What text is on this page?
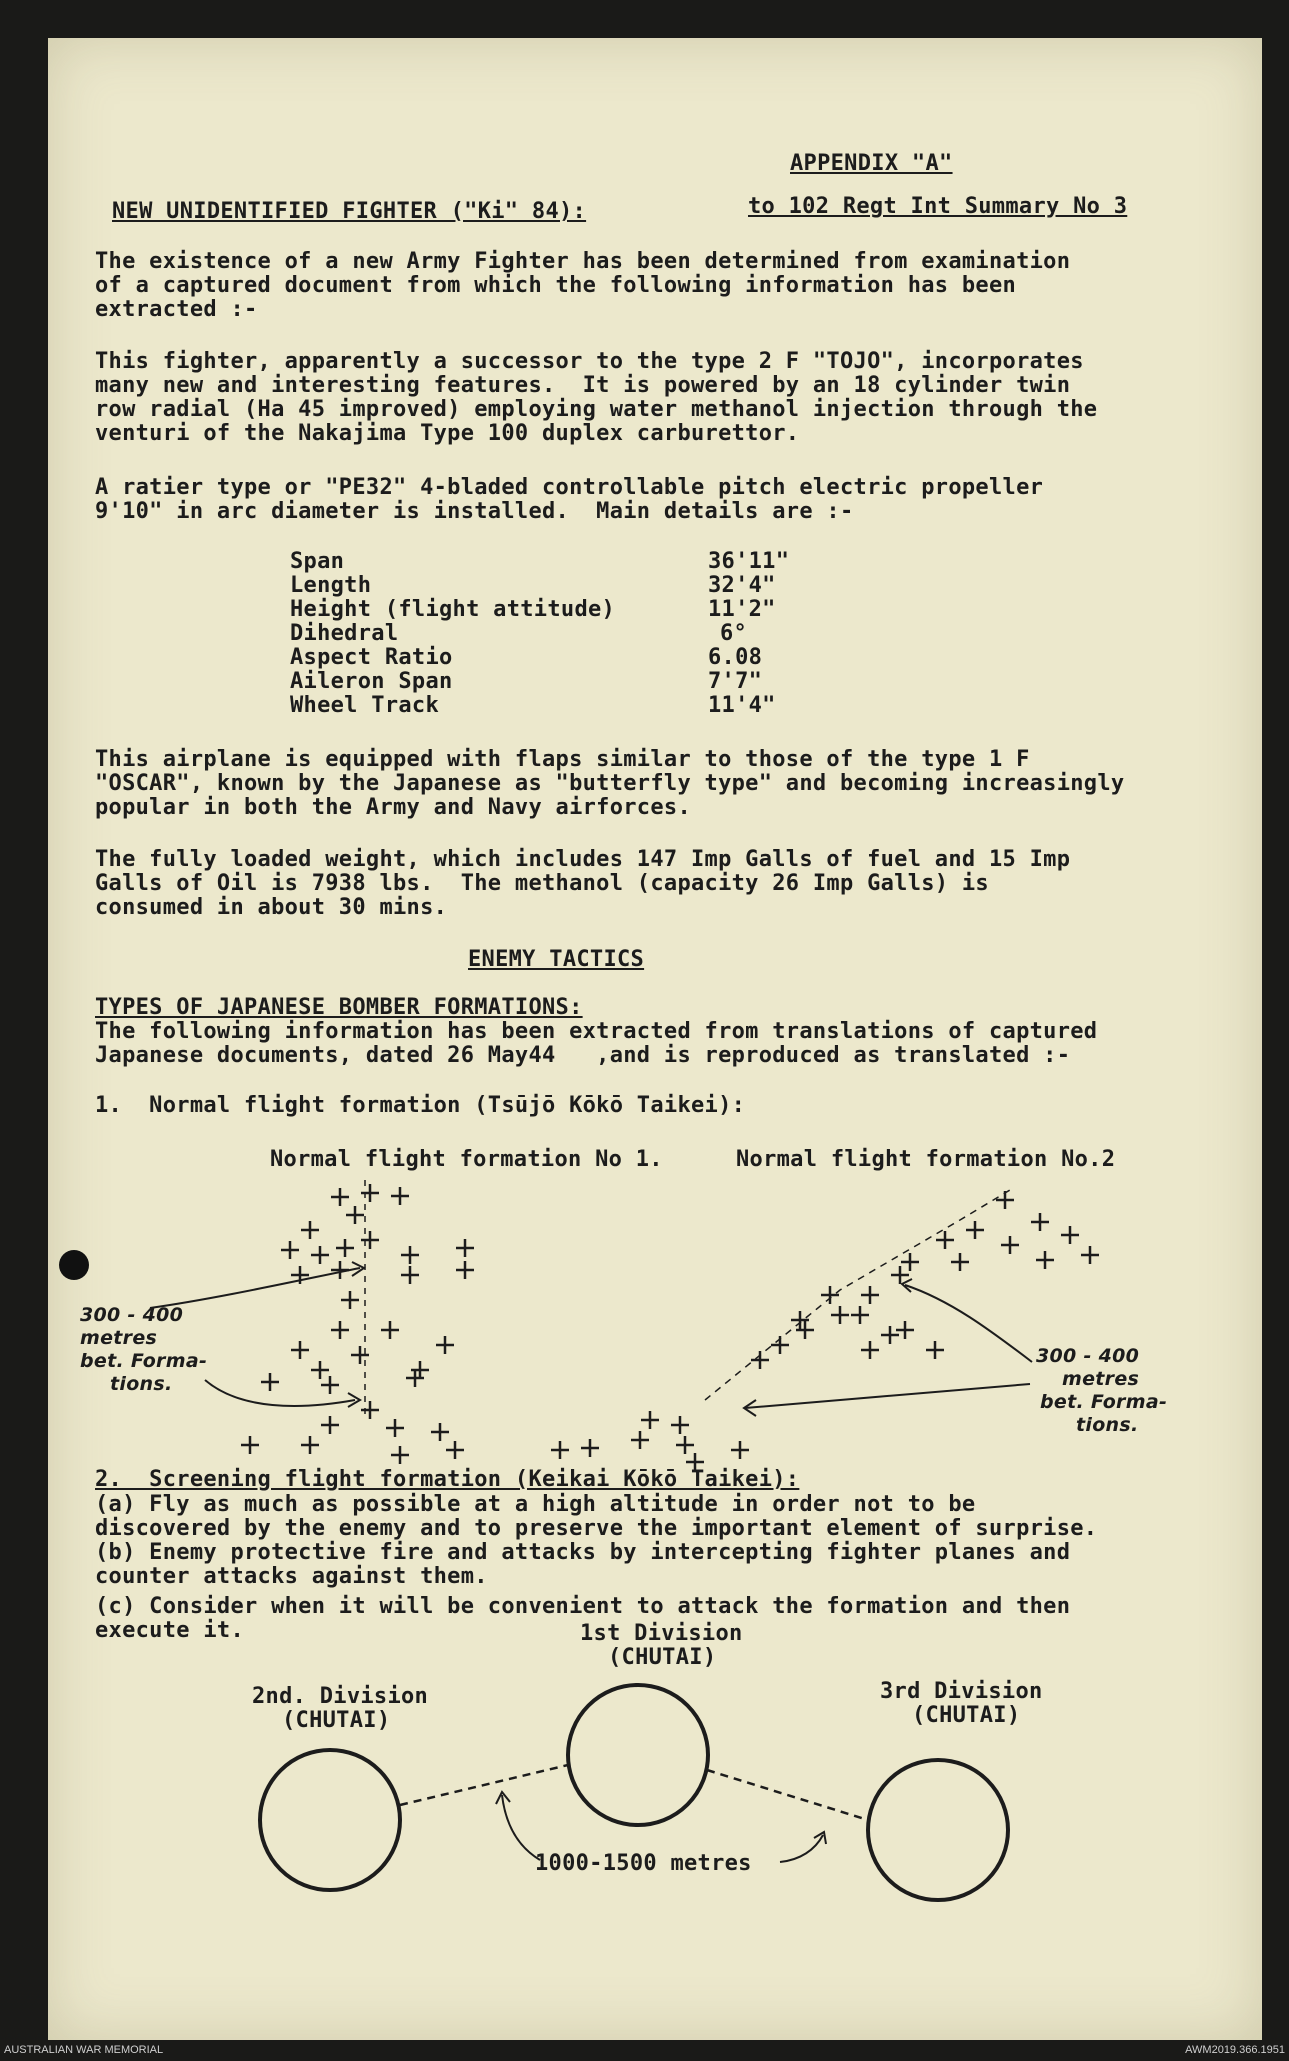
APPENDIX "A"
to 102 Regt Int Summary No 3
NEW UNIDENTIFIED FIGHTER ("Ki" 84):
The existence of a new Army Fighter has been determined from examination
of a captured document from which the following information has been
extracted :-
This fighter, apparently a successor to the type 2 F "TOJO", incorporates
many new and interesting features.  It is powered by an 18 cylinder twin
row radial (Ha 45 improved) employing water methanol injection through the
venturi of the Nakajima Type 100 duplex carburettor.
A ratier type or "PE32" 4-bladed controllable pitch electric propeller
9'10" in arc diameter is installed.  Main details are :-
Span	36'11"
Length	32'4"
Height (flight attitude)	11'2"
Dihedral	6°
Aspect Ratio	6.08
Aileron Span	7'7"
Wheel Track	11'4"
This airplane is equipped with flaps similar to those of the type 1 F
"OSCAR", known by the Japanese as "butterfly type" and becoming increasingly
popular in both the Army and Navy airforces.
The fully loaded weight, which includes 147 Imp Galls of fuel and 15 Imp
Galls of Oil is 7938 lbs.  The methanol (capacity 26 Imp Galls) is
consumed in about 30 mins.
ENEMY TACTICS
TYPES OF JAPANESE BOMBER FORMATIONS:
The following information has been extracted from translations of captured
Japanese documents, dated 26 May44   ,and is reproduced as translated :-
1.  Normal flight formation (Tsūjō Kōkō Taikei):
Normal flight formation No 1.	Normal flight formation No.2
300 - 400
metres
bet. Forma-
tions.
300 - 400
metres
bet. Forma-
tions.
2.  Screening flight formation (Keikai Kōkō Taikei):
(a) Fly as much as possible at a high altitude in order not to be
discovered by the enemy and to preserve the important element of surprise.
(b) Enemy protective fire and attacks by intercepting fighter planes and
counter attacks against them.
(c) Consider when it will be convenient to attack the formation and then
execute it.	1st Division
(CHUTAI)
2nd. Division
(CHUTAI)
3rd Division
(CHUTAI)
1000-1500 metres
AUSTRALIAN WAR MEMORIAL	AWM2019.366.1951
